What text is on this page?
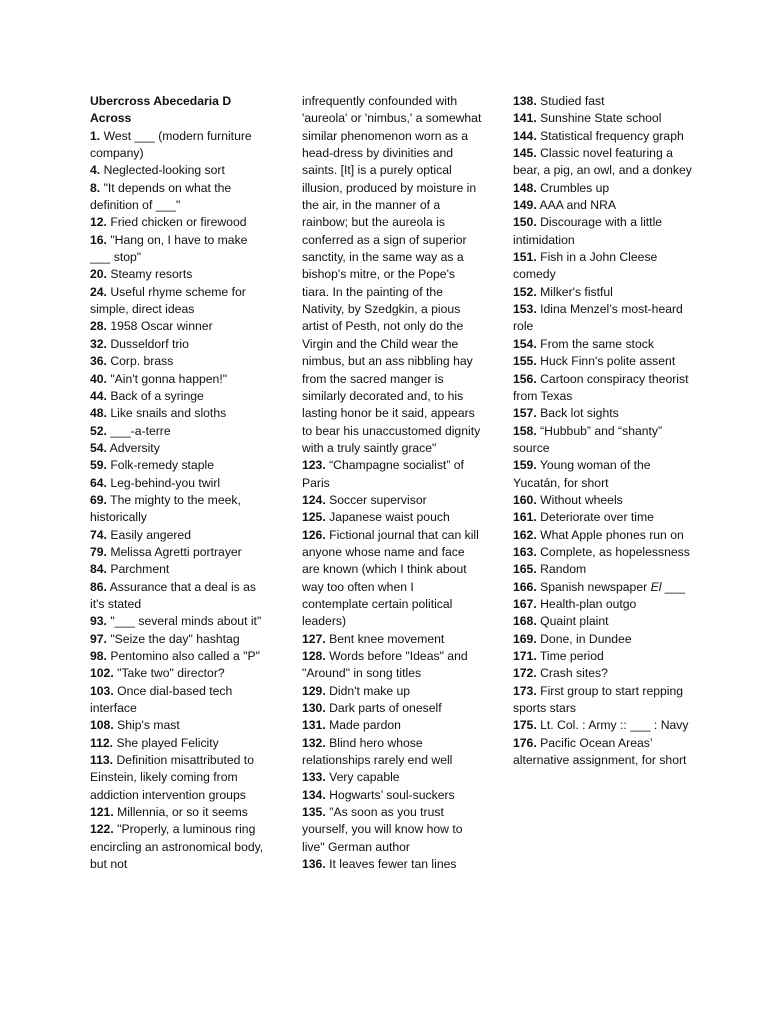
Ubercross Abecedaria D
Across
1. West ___ (modern furniture company)
4. Neglected-looking sort
8. "It depends on what the definition of ___"
12. Fried chicken or firewood
16. "Hang on, I have to make ___ stop"
20. Steamy resorts
24. Useful rhyme scheme for simple, direct ideas
28. 1958 Oscar winner
32. Dusseldorf trio
36. Corp. brass
40. "Ain't gonna happen!"
44. Back of a syringe
48. Like snails and sloths
52. ___-a-terre
54. Adversity
59. Folk-remedy staple
64. Leg-behind-you twirl
69. The mighty to the meek, historically
74. Easily angered
79. Melissa Agretti portrayer
84. Parchment
86. Assurance that a deal is as it's stated
93. "___ several minds about it"
97. "Seize the day" hashtag
98. Pentomino also called a "P"
102. "Take two" director?
103. Once dial-based tech interface
108. Ship's mast
112. She played Felicity
113. Definition misattributed to Einstein, likely coming from addiction intervention groups
121. Millennia, or so it seems
122. "Properly, a luminous ring encircling an astronomical body, but not
infrequently confounded with 'aureola' or 'nimbus,' a somewhat similar phenomenon worn as a head-dress by divinities and saints. [It] is a purely optical illusion, produced by moisture in the air, in the manner of a rainbow; but the aureola is conferred as a sign of superior sanctity, in the same way as a bishop's mitre, or the Pope's tiara. In the painting of the Nativity, by Szedgkin, a pious artist of Pesth, not only do the Virgin and the Child wear the nimbus, but an ass nibbling hay from the sacred manger is similarly decorated and, to his lasting honor be it said, appears to bear his unaccustomed dignity with a truly saintly grace"
123. “Champagne socialist” of Paris
124. Soccer supervisor
125. Japanese waist pouch
126. Fictional journal that can kill anyone whose name and face are known (which I think about way too often when I contemplate certain political leaders)
127. Bent knee movement
128. Words before "Ideas" and "Around" in song titles
129. Didn't make up
130. Dark parts of oneself
131. Made pardon
132. Blind hero whose relationships rarely end well
133. Very capable
134. Hogwarts’ soul-suckers
135. "As soon as you trust yourself, you will know how to live" German author
136. It leaves fewer tan lines
138. Studied fast
141. Sunshine State school
144. Statistical frequency graph
145. Classic novel featuring a bear, a pig, an owl, and a donkey
148. Crumbles up
149. AAA and NRA
150. Discourage with a little intimidation
151. Fish in a John Cleese comedy
152. Milker's fistful
153. Idina Menzel’s most-heard role
154. From the same stock
155. Huck Finn's polite assent
156. Cartoon conspiracy theorist from Texas
157. Back lot sights
158. “Hubbub” and “shanty” source
159. Young woman of the Yucatán, for short
160. Without wheels
161. Deteriorate over time
162. What Apple phones run on
163. Complete, as hopelessness
165. Random
166. Spanish newspaper El ___
167. Health-plan outgo
168. Quaint plaint
169. Done, in Dundee
171. Time period
172. Crash sites?
173. First group to start repping sports stars
175. Lt. Col. : Army :: ___ : Navy
176. Pacific Ocean Areas’ alternative assignment, for short
